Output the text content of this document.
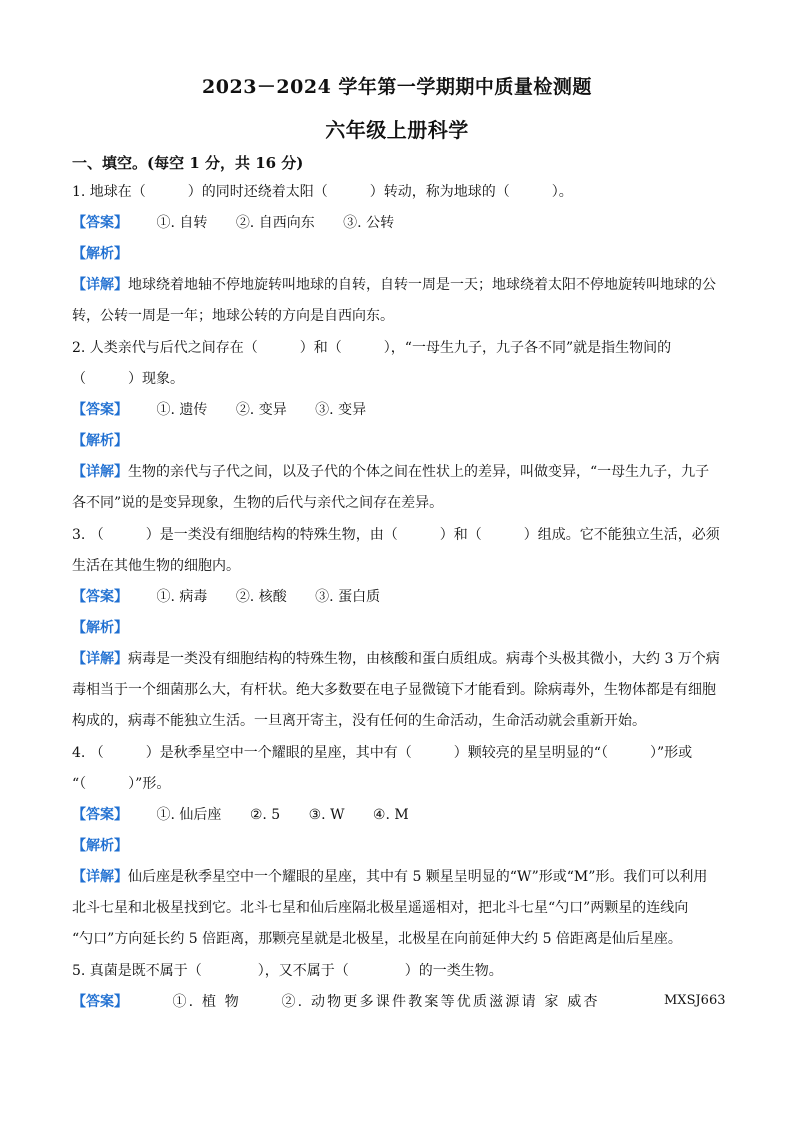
2023－2024 学年第一学期期中质量检测题
六年级上册科学
一、填空。(每空 1 分，共 16 分)
1. 地球在（　　　）的同时还绕着太阳（　　　）转动，称为地球的（　　　）。
【答案】 ①. 自转 ②. 自西向东 ③. 公转
【解析】
【详解】地球绕着地轴不停地旋转叫地球的自转，自转一周是一天；地球绕着太阳不停地旋转叫地球的公
转，公转一周是一年；地球公转的方向是自西向东。
2. 人类亲代与后代之间存在（　　　）和（　　　），“一母生九子，九子各不同”就是指生物间的
（　　　）现象。
【答案】 ①. 遗传 ②. 变异 ③. 变异
【解析】
【详解】生物的亲代与子代之间，以及子代的个体之间在性状上的差异，叫做变异，“一母生九子，九子
各不同”说的是变异现象，生物的后代与亲代之间存在差异。
3. （　　　）是一类没有细胞结构的特殊生物，由（　　　）和（　　　）组成。它不能独立生活，必须
生活在其他生物的细胞内。
【答案】 ①. 病毒 ②. 核酸 ③. 蛋白质
【解析】
【详解】病毒是一类没有细胞结构的特殊生物，由核酸和蛋白质组成。病毒个头极其微小，大约 3 万个病
毒相当于一个细菌那么大，有杆状。绝大多数要在电子显微镜下才能看到。除病毒外，生物体都是有细胞
构成的，病毒不能独立生活。一旦离开寄主，没有任何的生命活动，生命活动就会重新开始。
4. （　　　）是秋季星空中一个耀眼的星座，其中有（　　　）颗较亮的星呈明显的“（　　　）”形或
“（　　　）”形。
【答案】 ①. 仙后座 ②. 5 ③. W ④. M
【解析】
【详解】仙后座是秋季星空中一个耀眼的星座，其中有 5 颗星呈明显的“W”形或“M”形。我们可以利用
北斗七星和北极星找到它。北斗七星和仙后座隔北极星遥遥相对，把北斗七星“勺口”两颗星的连线向
“勺口”方向延长约 5 倍距离，那颗亮星就是北极星，北极星在向前延伸大约 5 倍距离是仙后星座。
5. 真菌是既不属于（　　　　），又不属于（　　　　）的一类生物。
【答案】	①. 植 物	②. 动物更多课件教案等优质滋源请 家 威杏	MXSJ663
